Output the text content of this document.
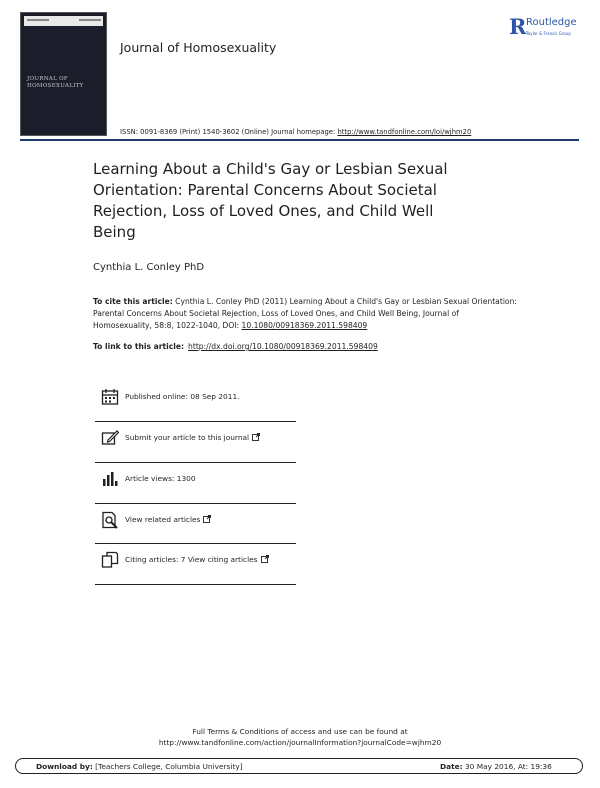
JOURNAL OF HOMOSEXUALITY
Journal of Homosexuality
R Routledge
Taylor & Francis Group
ISSN: 0091-8369 (Print) 1540-3602 (Online) Journal homepage: http://www.tandfonline.com/loi/wjhm20
Learning About a Child's Gay or Lesbian Sexual Orientation: Parental Concerns About Societal Rejection, Loss of Loved Ones, and Child Well Being
Cynthia L. Conley PhD
To cite this article: Cynthia L. Conley PhD (2011) Learning About a Child's Gay or Lesbian Sexual Orientation: Parental Concerns About Societal Rejection, Loss of Loved Ones, and Child Well Being, Journal of Homosexuality, 58:8, 1022-1040, DOI: 10.1080/00918369.2011.598409
To link to this article: http://dx.doi.org/10.1080/00918369.2011.598409
Published online: 08 Sep 2011.
Submit your article to this journal
Article views: 1300
View related articles
Citing articles: 7 View citing articles
Full Terms & Conditions of access and use can be found at
http://www.tandfonline.com/action/journalInformation?journalCode=wjhm20
Download by: [Teachers College, Columbia University]	Date: 30 May 2016, At: 19:36
